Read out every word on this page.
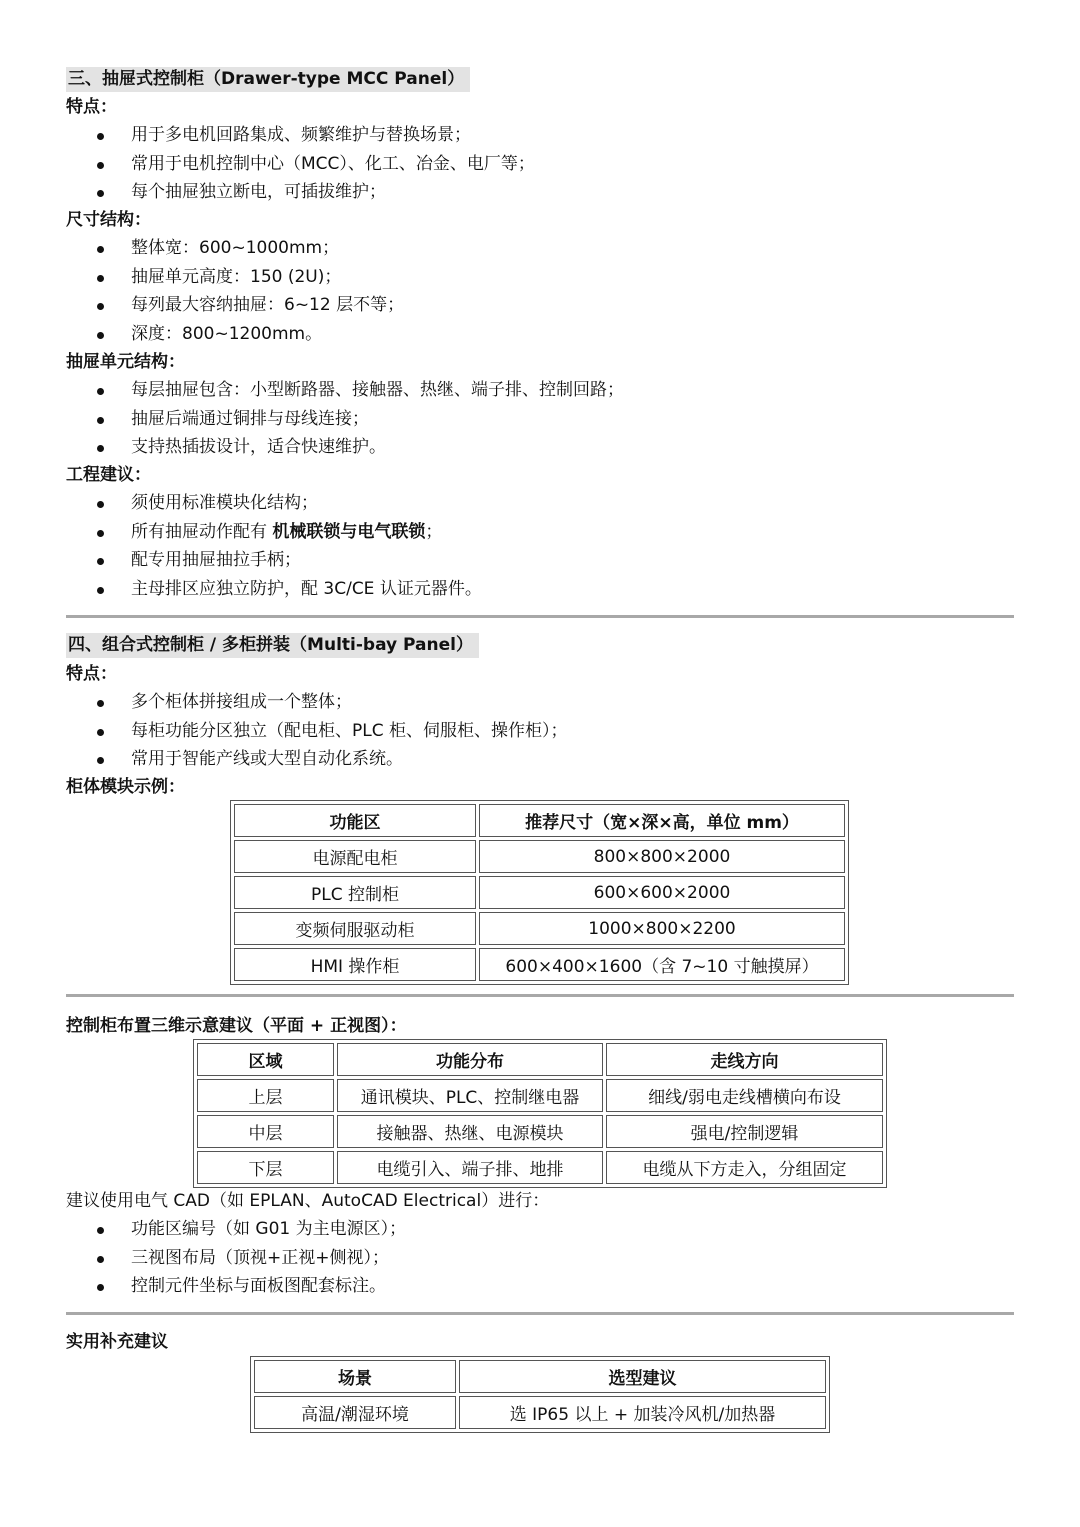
三、抽屉式控制柜（Drawer-type MCC Panel）
特点：
用于多电机回路集成、频繁维护与替换场景；
常用于电机控制中心（MCC）、化工、冶金、电厂等；
每个抽屉独立断电，可插拔维护；
尺寸结构：
整体宽：600~1000mm；
抽屉单元高度：150 (2U)；
每列最大容纳抽屉：6~12 层不等；
深度：800~1200mm。
抽屉单元结构：
每层抽屉包含：小型断路器、接触器、热继、端子排、控制回路；
抽屉后端通过铜排与母线连接；
支持热插拔设计，适合快速维护。
工程建议：
须使用标准模块化结构；
所有抽屉动作配有 机械联锁与电气联锁；
配专用抽屉抽拉手柄；
主母排区应独立防护，配 3C/CE 认证元器件。
四、组合式控制柜 / 多柜拼装（Multi-bay Panel）
特点：
多个柜体拼接组成一个整体；
每柜功能分区独立（配电柜、PLC 柜、伺服柜、操作柜）；
常用于智能产线或大型自动化系统。
柜体模块示例：
功能区	推荐尺寸（宽×深×高，单位 mm）
电源配电柜	800×800×2000
PLC 控制柜	600×600×2000
变频伺服驱动柜	1000×800×2200
HMI 操作柜	600×400×1600（含 7~10 寸触摸屏）
控制柜布置三维示意建议（平面 + 正视图）：
区域	功能分布	走线方向
上层	通讯模块、PLC、控制继电器	细线/弱电走线槽横向布设
中层	接触器、热继、电源模块	强电/控制逻辑
下层	电缆引入、端子排、地排	电缆从下方走入，分组固定
建议使用电气 CAD（如 EPLAN、AutoCAD Electrical）进行：
功能区编号（如 G01 为主电源区）；
三视图布局（顶视+正视+侧视）；
控制元件坐标与面板图配套标注。
实用补充建议
场景	选型建议
高温/潮湿环境	选 IP65 以上 + 加装冷风机/加热器
